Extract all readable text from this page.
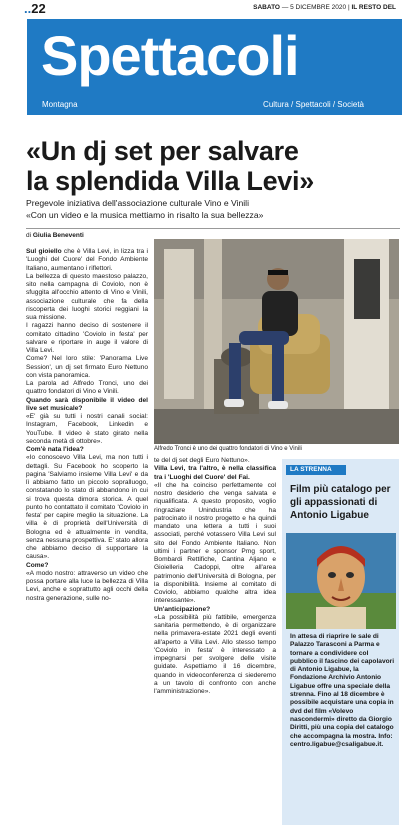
..22	SABATO — 5 DICEMBRE 2020 | IL RESTO DEL
Spettacoli
Montagna	Cultura / Spettacoli / Società
«Un dj set per salvare
la splendida Villa Levi»
Pregevole iniziativa dell'associazione culturale Vino e Vinili
«Con un video e la musica mettiamo in risalto la sua bellezza»
di Giulia Beneventi

Sul gioiello che è Villa Levi, in lizza tra i 'Luoghi del Cuore' del Fondo Ambiente Italiano, aumentano i riflettori.

La bellezza di questo maestoso palazzo, sito nella campagna di Coviolo, non è sfuggita all'occhio attento di Vino e Vinili, associazione culturale che fa della riscoperta dei luoghi storici reggiani la sua missione.

I ragazzi hanno deciso di sostenere il comitato cittadino 'Coviolo in festa' per salvare e riportare in auge il valore di Villa Levi.

Come? Nel loro stile: 'Panorama Live Session', un dj set firmato Euro Nettuno con vista panoramica.

La parola ad Alfredo Tronci, uno dei quattro fondatori di Vino e Vinili.

Quando sarà disponibile il video del live set musicale?

«E' già su tutti i nostri canali social: Instagram, Facebook, Linkedin e YouTube. Il video è stato girato nella seconda metà di ottobre».

Com'è nata l'idea?

«Io conoscevo Villa Levi, ma non tutti i dettagli. Su Facebook ho scoperto la pagina 'Salviamo insieme Villa Levi' e da lì abbiamo fatto un piccolo sopralluogo, constatando lo stato di abbandono in cui si trova questa dimora storica. A quel punto ho contattato il comitato 'Coviolo in festa' per capire meglio la situazione. La villa è di proprietà dell'Università di Bologna ed è attualmente in vendita, senza nessuna prospettiva. E' stato allora che abbiamo deciso di supportare la causa».

Come?

«A modo nostro: attraverso un video che possa portare alla luce la bellezza di Villa Levi, anche e soprattutto agli occhi della nostra generazione, sulle no-

Alfredo Tronci è uno dei quattro fondatori di Vino e Vinili

te del dj set degli Euro Nettuno».

Villa Levi, tra l'altro, è nella classifica tra i 'Luoghi del Cuore' del Fai.

«Il che ha coinciso perfettamente col nostro desiderio che venga salvata e riqualificata. A questo proposito, voglio ringraziare Unindustria che ha patrocinato il nostro progetto e ha quindi mandato una lettera a tutti i suoi associati, perché votassero Villa Levi sul sito del Fondo Ambiente Italiano. Non ultimi i partner e sponsor Pmg sport, Bombardi Rettifiche, Cantina Aljano e Gioielleria Cadoppi, oltre all'area patrimonio dell'Università di Bologna, per la disponibilità. Insieme al comitato di Coviolo, abbiamo qualche altra idea interessante».

Un'anticipazione?

«La possibilità più fattibile, emergenza sanitaria permettendo, è di organizzare nella primavera-estate 2021 degli eventi all'aperto a Villa Levi. Allo stesso tempo 'Coviolo in festa' è interessato a impegnarsi per svolgere delle visite guidate. Aspettiamo il 16 dicembre, quando in videoconferenza ci siederemo a un tavolo di confronto con anche l'amministrazione».

LA STRENNA
Film più catalogo per gli appassionati di Antonio Ligabue
In attesa di riaprire le sale di Palazzo Tarasconi a Parma e tornare a condividere col pubblico il fascino dei capolavori di Antonio Ligabue, la Fondazione Archivio Antonio Ligabue offre una speciale della strenna. Fino al 18 dicembre è possibile acquistare una copia in dvd del film «Volevo nascondermi» diretto da Giorgio Diritti, più una copia del catalogo che accompagna la mostra. Info: centro.ligabue@csaligabue.it.
